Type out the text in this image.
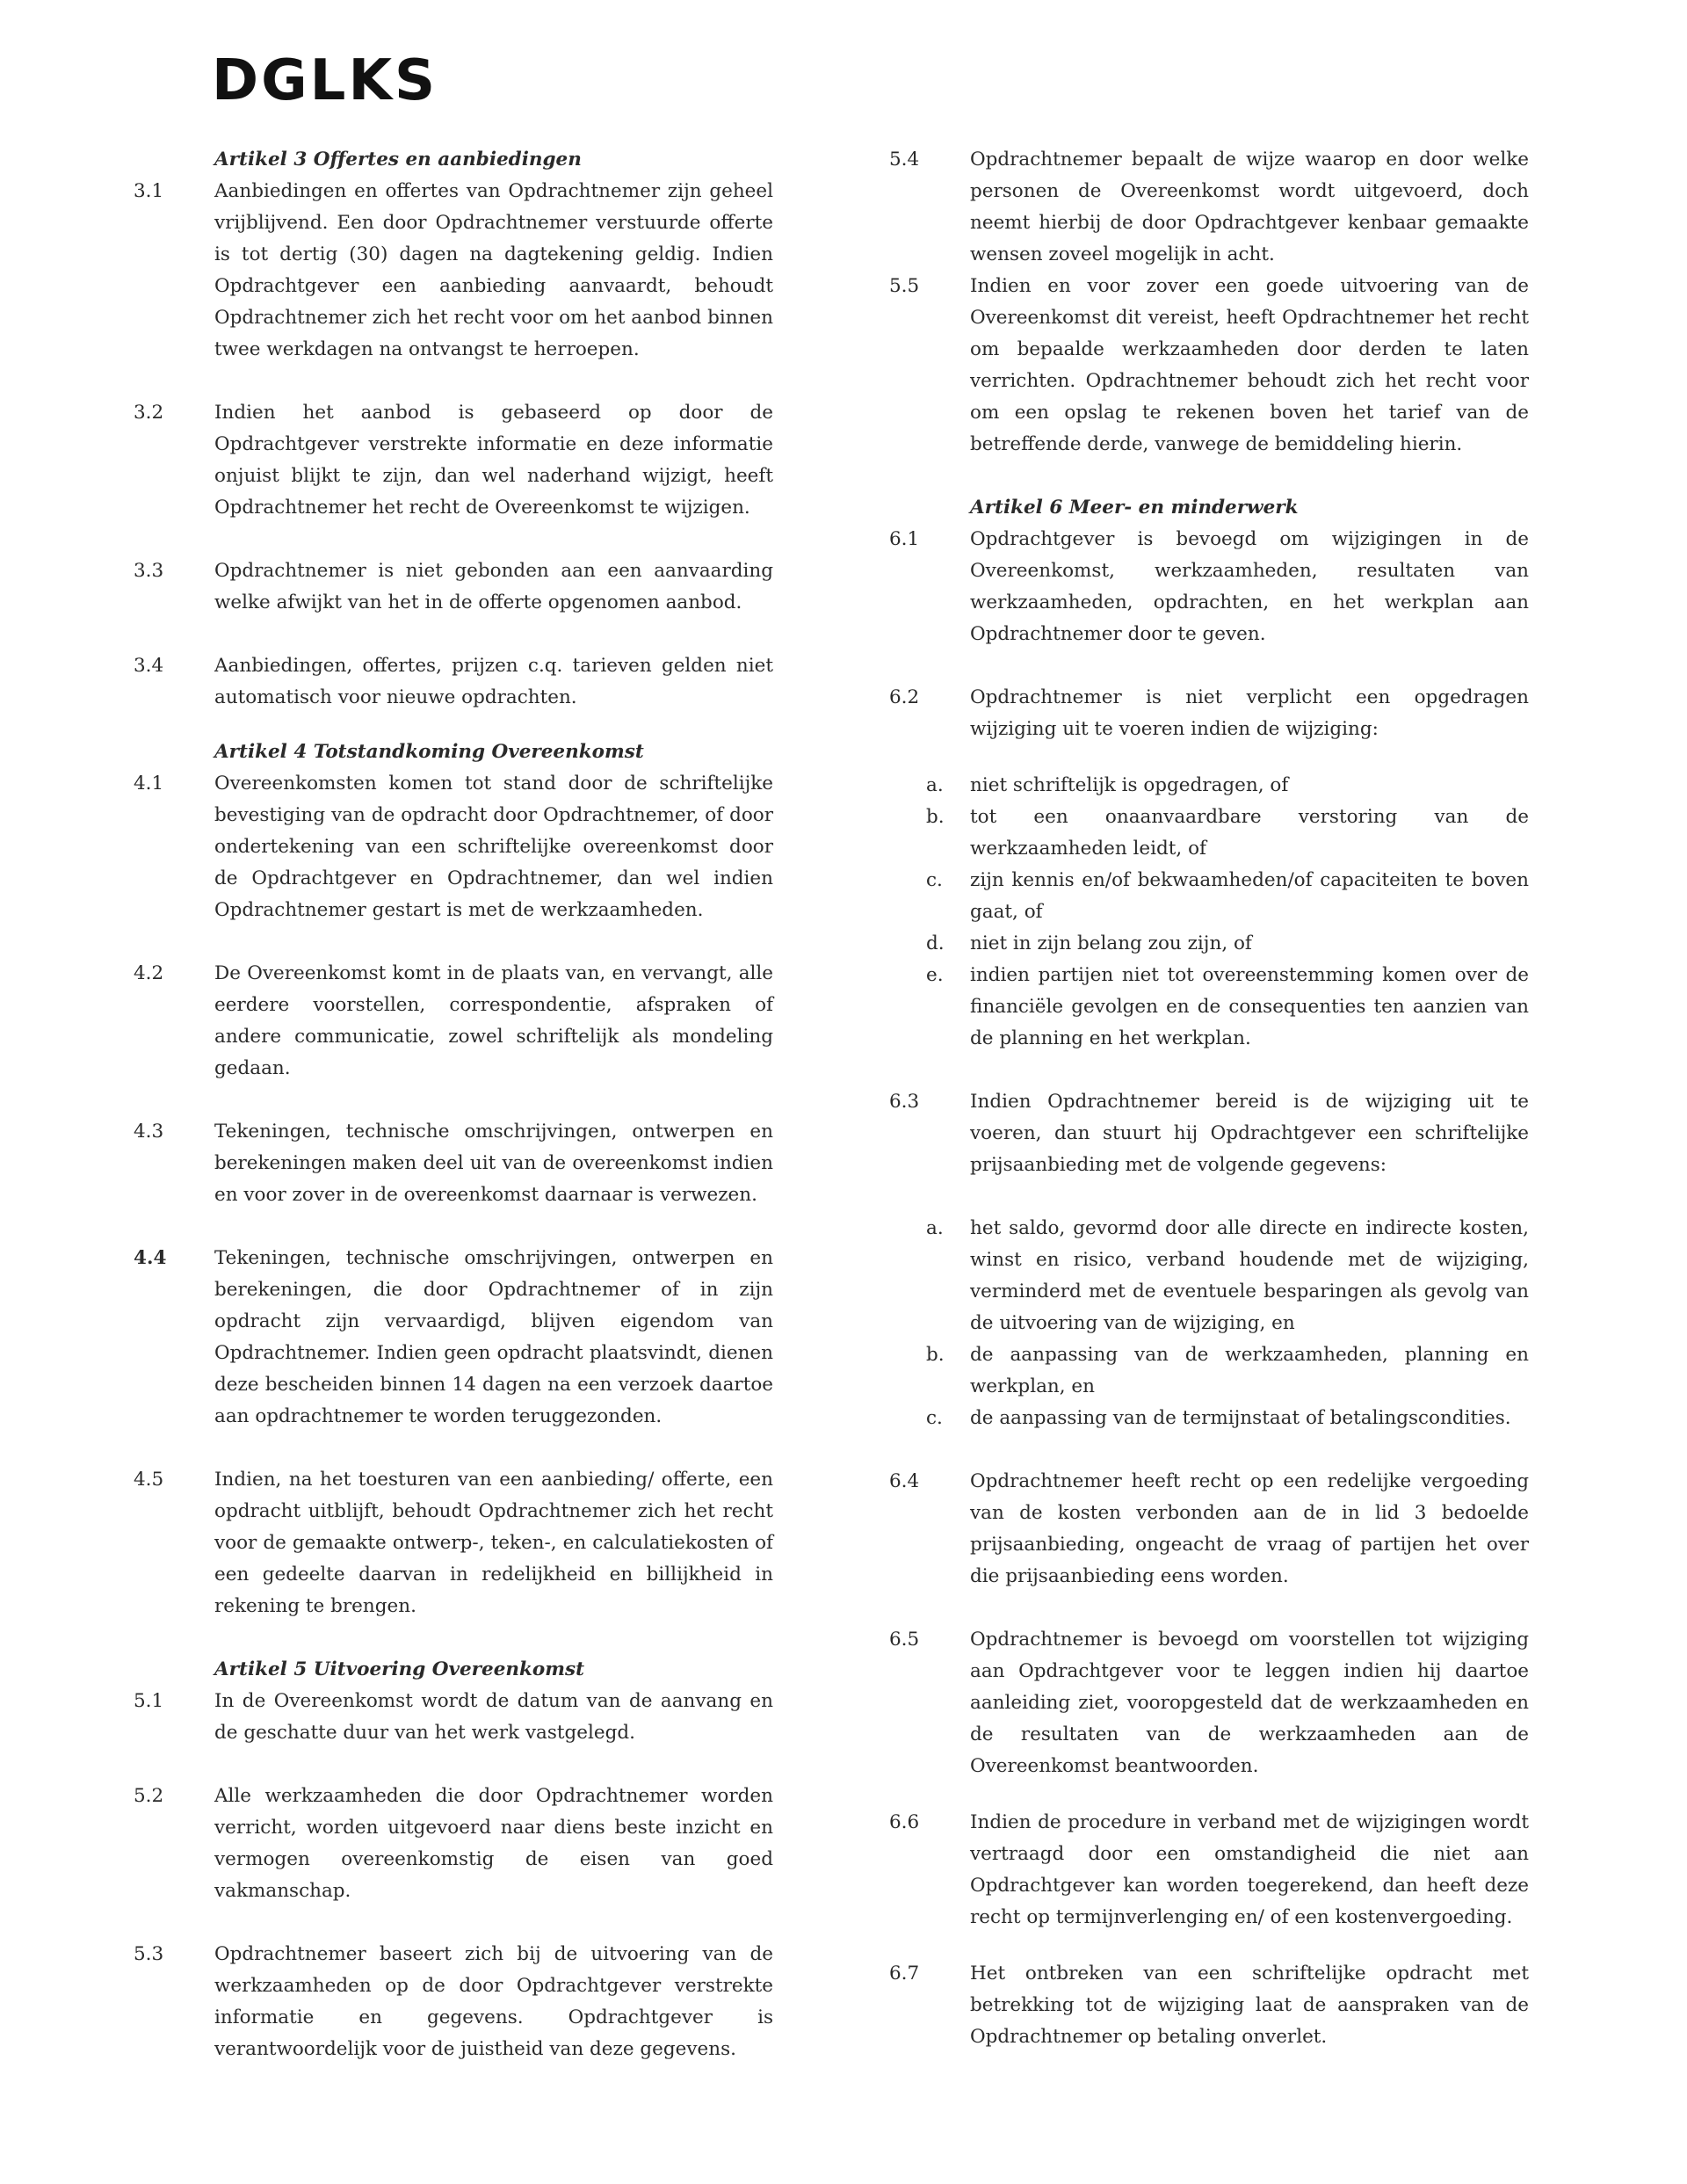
DGLKS
Artikel 3 Offertes en aanbiedingen
3.1	Aanbiedingen en offertes van Opdrachtnemer zijn geheel vrijblijvend. Een door Opdrachtnemer verstuurde offerte is tot dertig (30) dagen na dagtekening geldig. Indien Opdrachtgever een aanbieding aanvaardt, behoudt Opdrachtnemer zich het recht voor om het aanbod binnen twee werkdagen na ontvangst te herroepen.
3.2	Indien het aanbod is gebaseerd op door de Opdrachtgever verstrekte informatie en deze informatie onjuist blijkt te zijn, dan wel naderhand wijzigt, heeft Opdrachtnemer het recht de Overeenkomst te wijzigen.
3.3	Opdrachtnemer is niet gebonden aan een aanvaarding welke afwijkt van het in de offerte opgenomen aanbod.
3.4	Aanbiedingen, offertes, prijzen c.q. tarieven gelden niet automatisch voor nieuwe opdrachten.
Artikel 4 Totstandkoming Overeenkomst
4.1	Overeenkomsten komen tot stand door de schriftelijke bevestiging van de opdracht door Opdrachtnemer, of door ondertekening van een schriftelijke overeenkomst door de Opdrachtgever en Opdrachtnemer, dan wel indien Opdrachtnemer gestart is met de werkzaamheden.
4.2	De Overeenkomst komt in de plaats van, en vervangt, alle eerdere voorstellen, correspondentie, afspraken of andere communicatie, zowel schriftelijk als mondeling gedaan.
4.3	Tekeningen, technische omschrijvingen, ontwerpen en berekeningen maken deel uit van de overeenkomst indien en voor zover in de overeenkomst daarnaar is verwezen.
4.4	Tekeningen, technische omschrijvingen, ontwerpen en berekeningen, die door Opdrachtnemer of in zijn opdracht zijn vervaardigd, blijven eigendom van Opdrachtnemer. Indien geen opdracht plaatsvindt, dienen deze bescheiden binnen 14 dagen na een verzoek daartoe aan opdrachtnemer te worden teruggezonden.
4.5	Indien, na het toesturen van een aanbieding/ offerte, een opdracht uitblijft, behoudt Opdrachtnemer zich het recht voor de gemaakte ontwerp-, teken-, en calculatiekosten of een gedeelte daarvan in redelijkheid en billijkheid in rekening te brengen.
Artikel 5 Uitvoering Overeenkomst
5.1	In de Overeenkomst wordt de datum van de aanvang en de geschatte duur van het werk vastgelegd.
5.2	Alle werkzaamheden die door Opdrachtnemer worden verricht, worden uitgevoerd naar diens beste inzicht en vermogen overeenkomstig de eisen van goed vakmanschap.
5.3	Opdrachtnemer baseert zich bij de uitvoering van de werkzaamheden op de door Opdrachtgever verstrekte informatie en gegevens. Opdrachtgever is verantwoordelijk voor de juistheid van deze gegevens.
5.4	Opdrachtnemer bepaalt de wijze waarop en door welke personen de Overeenkomst wordt uitgevoerd, doch neemt hierbij de door Opdrachtgever kenbaar gemaakte wensen zoveel mogelijk in acht.
5.5	Indien en voor zover een goede uitvoering van de Overeenkomst dit vereist, heeft Opdrachtnemer het recht om bepaalde werkzaamheden door derden te laten verrichten. Opdrachtnemer behoudt zich het recht voor om een opslag te rekenen boven het tarief van de betreffende derde, vanwege de bemiddeling hierin.
Artikel 6 Meer- en minderwerk
6.1	Opdrachtgever is bevoegd om wijzigingen in de Overeenkomst, werkzaamheden, resultaten van werkzaamheden, opdrachten, en het werkplan aan Opdrachtnemer door te geven.
6.2	Opdrachtnemer is niet verplicht een opgedragen wijziging uit te voeren indien de wijziging:
a.	niet schriftelijk is opgedragen, of
b.	tot een onaanvaardbare verstoring van de werkzaamheden leidt, of
c.	zijn kennis en/of bekwaamheden/of capaciteiten te boven gaat, of
d.	niet in zijn belang zou zijn, of
e.	indien partijen niet tot overeenstemming komen over de financiële gevolgen en de consequenties ten aanzien van de planning en het werkplan.
6.3	Indien Opdrachtnemer bereid is de wijziging uit te voeren, dan stuurt hij Opdrachtgever een schriftelijke prijsaanbieding met de volgende gegevens:
a.	het saldo, gevormd door alle directe en indirecte kosten, winst en risico, verband houdende met de wijziging, verminderd met de eventuele besparingen als gevolg van de uitvoering van de wijziging, en
b.	de aanpassing van de werkzaamheden, planning en werkplan, en
c.	de aanpassing van de termijnstaat of betalingscondities.
6.4	Opdrachtnemer heeft recht op een redelijke vergoeding van de kosten verbonden aan de in lid 3 bedoelde prijsaanbieding, ongeacht de vraag of partijen het over die prijsaanbieding eens worden.
6.5	Opdrachtnemer is bevoegd om voorstellen tot wijziging aan Opdrachtgever voor te leggen indien hij daartoe aanleiding ziet, vooropgesteld dat de werkzaamheden en de resultaten van de werkzaamheden aan de Overeenkomst beantwoorden.
6.6	Indien de procedure in verband met de wijzigingen wordt vertraagd door een omstandigheid die niet aan Opdrachtgever kan worden toegerekend, dan heeft deze recht op termijnverlenging en/ of een kostenvergoeding.
6.7	Het ontbreken van een schriftelijke opdracht met betrekking tot de wijziging laat de aanspraken van de Opdrachtnemer op betaling onverlet.
